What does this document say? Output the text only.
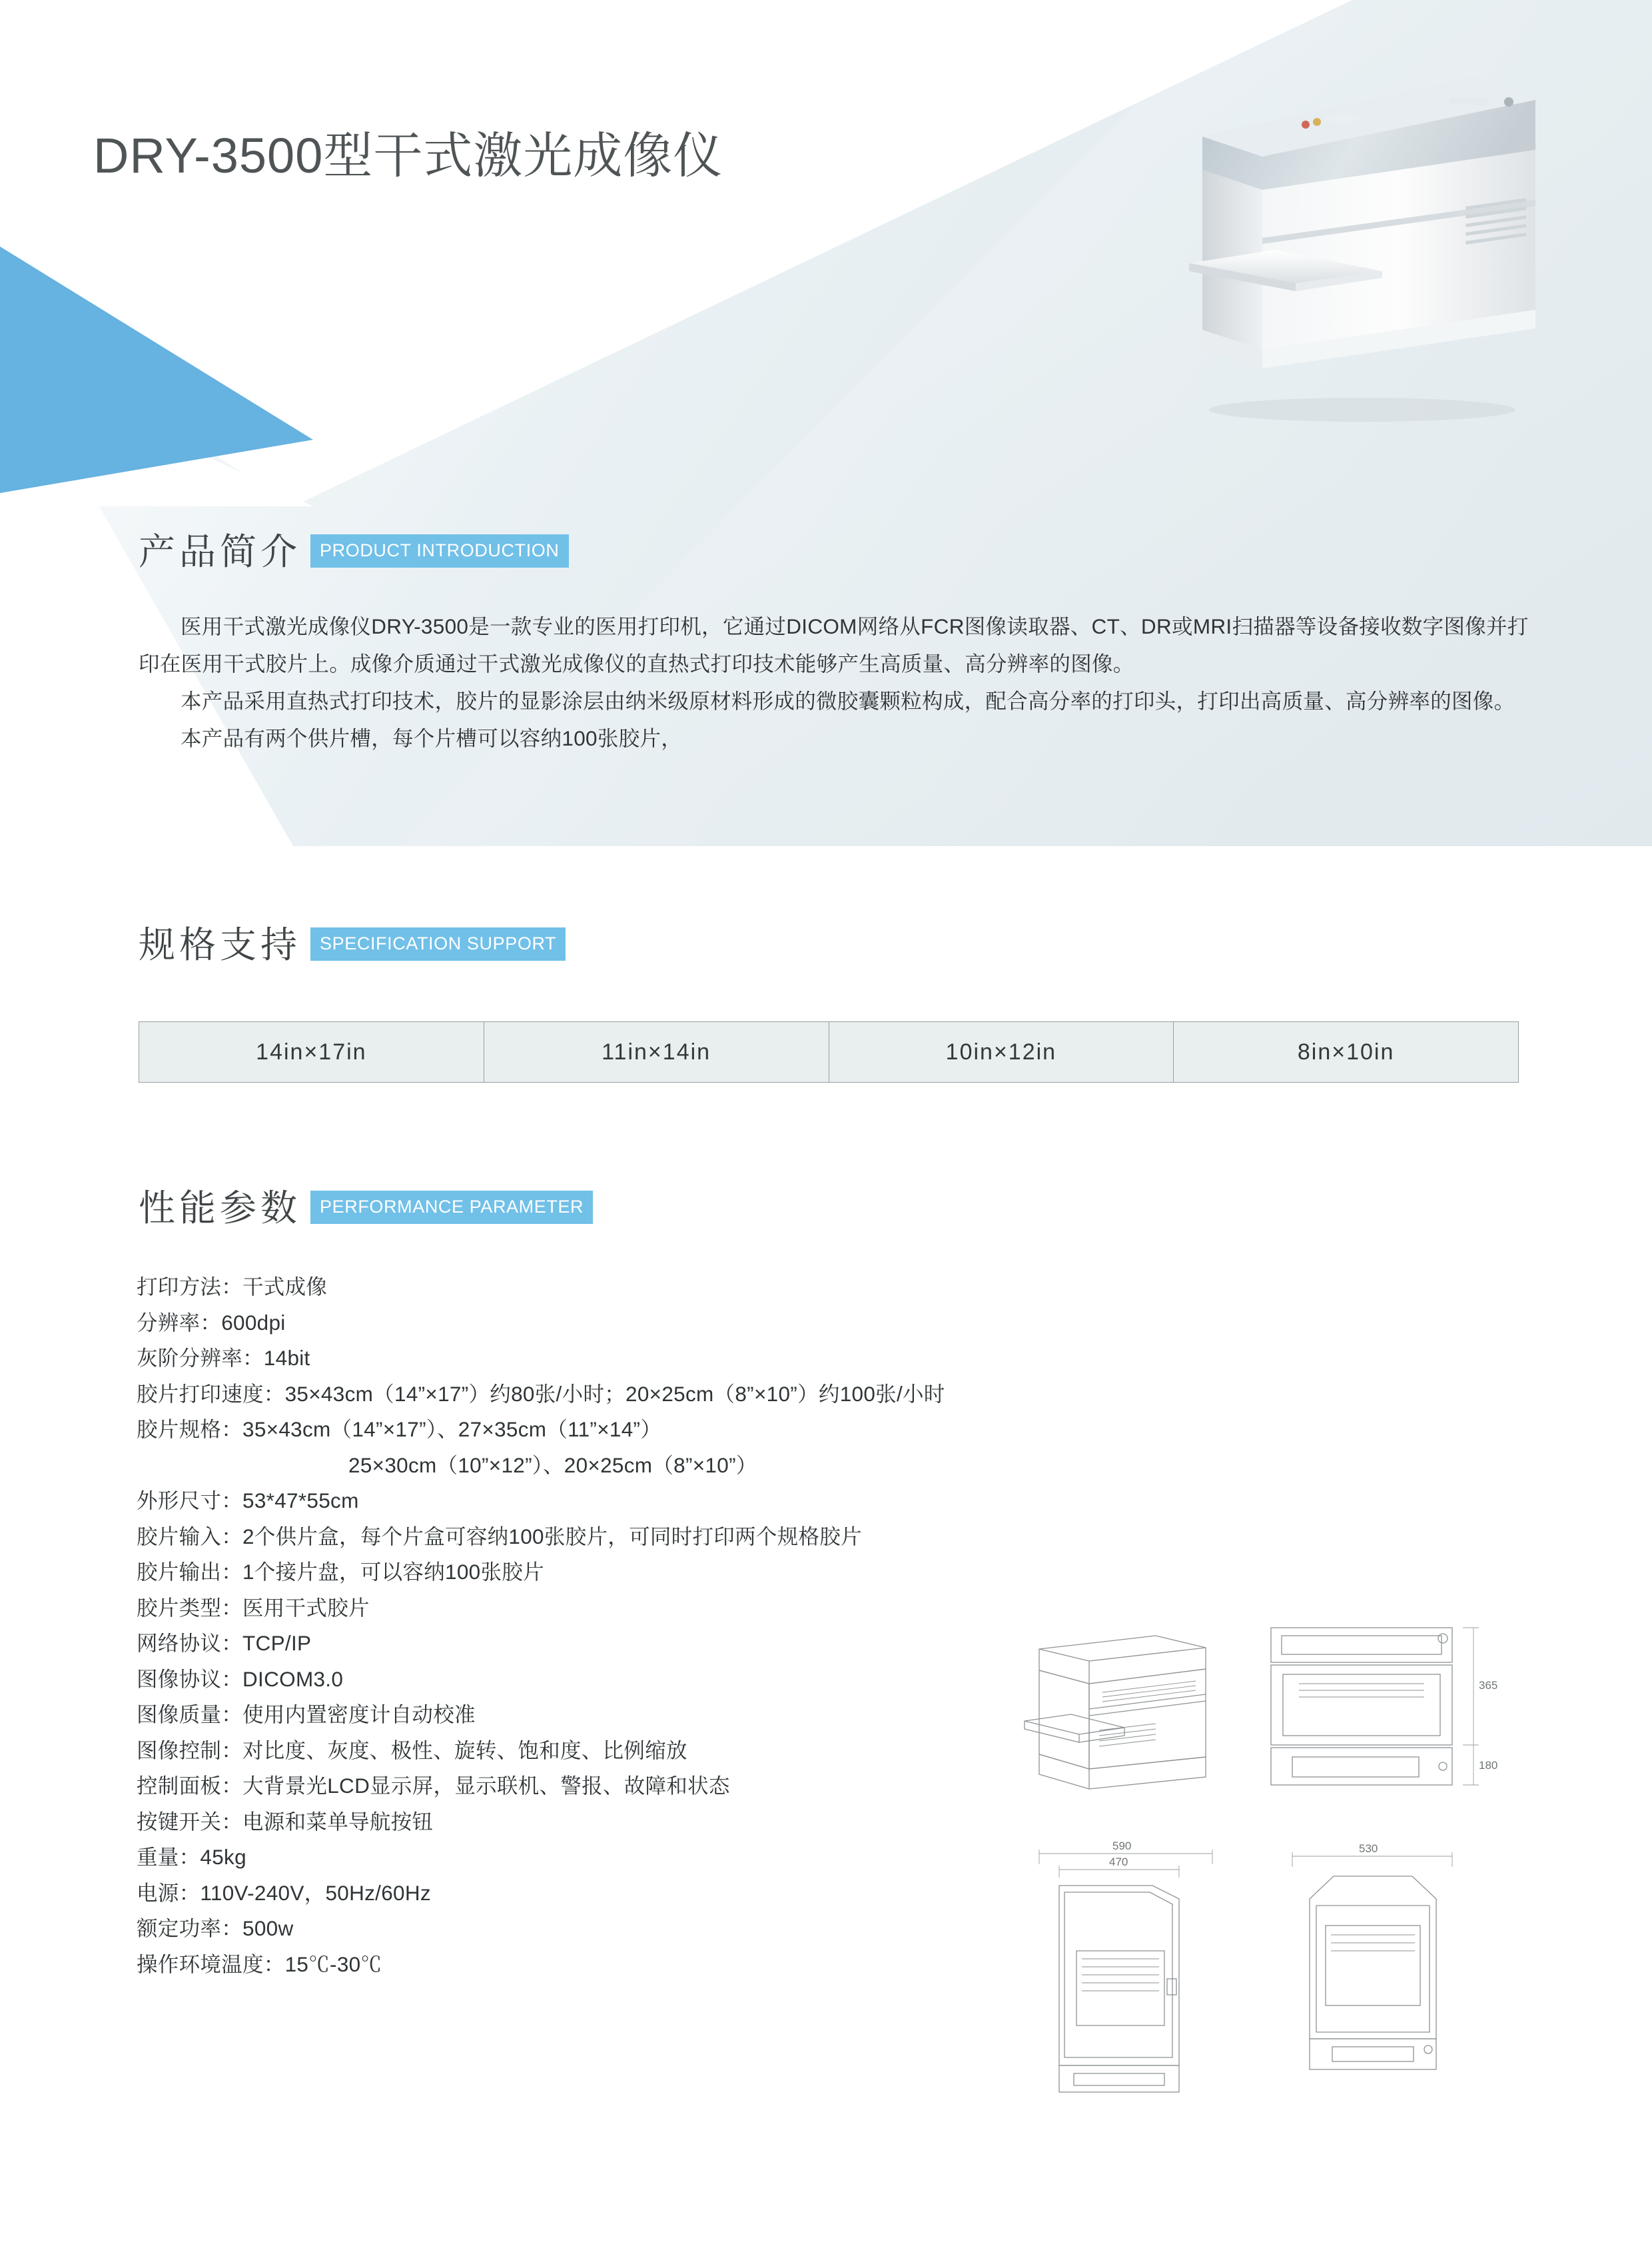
DRY-3500型干式激光成像仪
产品简介	PRODUCT INTRODUCTION

医用干式激光成像仪DRY-3500是一款专业的医用打印机，它通过DICOM网络从FCR图像读取器、CT、DR或MRI扫描器等设备接收数字图像并打印在医用干式胶片上。成像介质通过干式激光成像仪的直热式打印技术能够产生高质量、高分辨率的图像。

本产品采用直热式打印技术，胶片的显影涂层由纳米级原材料形成的微胶囊颗粒构成，配合高分率的打印头，打印出高质量、高分辨率的图像。

本产品有两个供片槽，每个片槽可以容纳100张胶片，

规格支持	SPECIFICATION SUPPORT
14in×17in	11in×14in	10in×12in	8in×10in
性能参数	PERFORMANCE PARAMETER
打印方法：干式成像
分辨率：600dpi
灰阶分辨率：14bit
胶片打印速度：35×43cm（14”×17”）约80张/小时；20×25cm（8”×10”）约100张/小时
胶片规格：35×43cm（14”×17”）、27×35cm（11”×14”）
25×30cm（10”×12”）、20×25cm（8”×10”）
外形尺寸：53*47*55cm
胶片输入：2个供片盒，每个片盒可容纳100张胶片，可同时打印两个规格胶片
胶片输出：1个接片盘，可以容纳100张胶片
胶片类型：医用干式胶片
网络协议：TCP/IP
图像协议：DICOM3.0
图像质量：使用内置密度计自动校准
图像控制：对比度、灰度、极性、旋转、饱和度、比例缩放
控制面板：大背景光LCD显示屏，显示联机、警报、故障和状态
按键开关：电源和菜单导航按钮
重量：45kg
电源：110V-240V，50Hz/60Hz
额定功率：500w
操作环境温度：15℃-30℃
365
180
590
470
530
